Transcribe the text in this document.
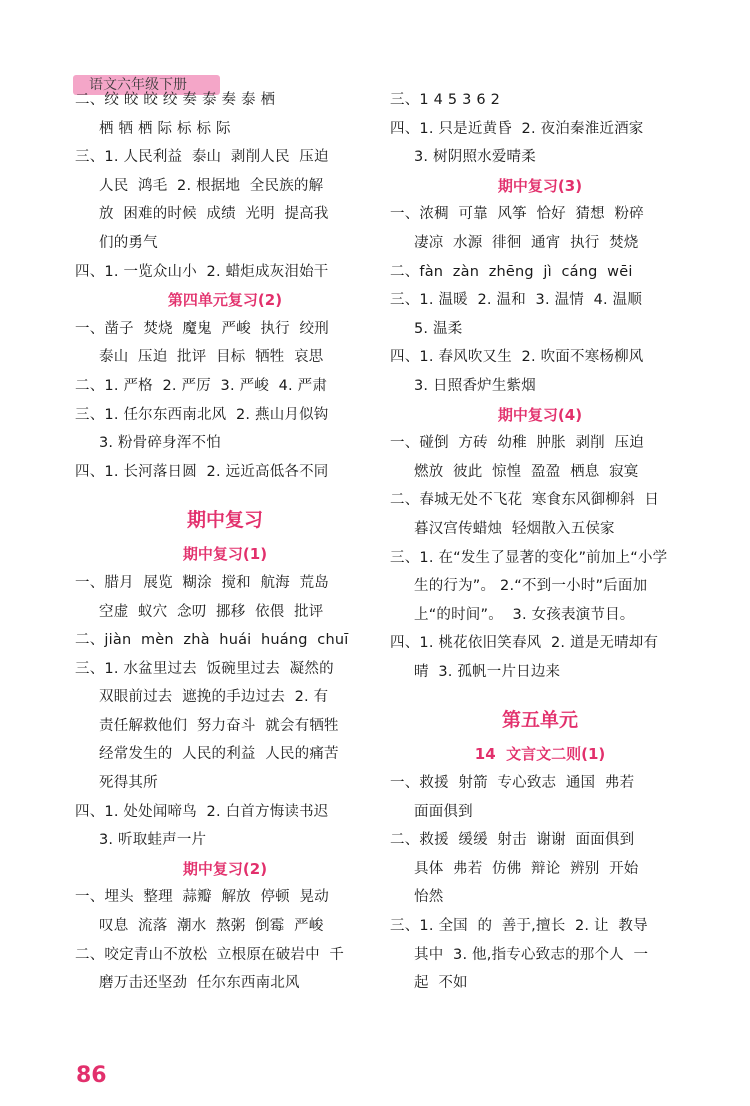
语文六年级下册
二、绞 皎 皎 绞 奏 泰 奏 泰 栖
栖 牺 栖 际 标 标 际
三、1. 人民利益  泰山  剥削人民  压迫
人民  鸿毛  2. 根据地  全民族的解
放  困难的时候  成绩  光明  提高我
们的勇气
四、1. 一览众山小  2. 蜡炬成灰泪始干
第四单元复习(2)
一、凿子  焚烧  魔鬼  严峻  执行  绞刑
泰山  压迫  批评  目标  牺牲  哀思
二、1. 严格  2. 严厉  3. 严峻  4. 严肃
三、1. 任尔东西南北风  2. 燕山月似钩
3. 粉骨碎身浑不怕
四、1. 长河落日圆  2. 远近高低各不同
期中复习
期中复习(1)
一、腊月  展览  糊涂  搅和  航海  荒岛
空虚  蚁穴  念叨  挪移  依偎  批评
二、jiàn  mèn  zhà  huái  huáng  chuī
三、1. 水盆里过去  饭碗里过去  凝然的
双眼前过去  遮挽的手边过去  2. 有
责任解救他们  努力奋斗  就会有牺牲
经常发生的  人民的利益  人民的痛苦
死得其所
四、1. 处处闻啼鸟  2. 白首方悔读书迟
3. 听取蛙声一片
期中复习(2)
一、埋头  整理  蒜瓣  解放  停顿  晃动
叹息  流落  潮水  熬粥  倒霉  严峻
二、咬定青山不放松  立根原在破岩中  千
磨万击还坚劲  任尔东西南北风
三、1 4 5 3 6 2
四、1. 只是近黄昏  2. 夜泊秦淮近酒家
3. 树阴照水爱晴柔
期中复习(3)
一、浓稠  可靠  风筝  恰好  猜想  粉碎
凄凉  水源  徘徊  通宵  执行  焚烧
二、fàn  zàn  zhēng  jì  cáng  wēi
三、1. 温暖  2. 温和  3. 温情  4. 温顺
5. 温柔
四、1. 春风吹又生  2. 吹面不寒杨柳风
3. 日照香炉生紫烟
期中复习(4)
一、碰倒  方砖  幼稚  肿胀  剥削  压迫
燃放  彼此  惊惶  盈盈  栖息  寂寞
二、春城无处不飞花  寒食东风御柳斜  日
暮汉宫传蜡烛  轻烟散入五侯家
三、1. 在“发生了显著的变化”前加上“小学
生的行为”。 2.“不到一小时”后面加
上“的时间”。  3. 女孩表演节目。
四、1. 桃花依旧笑春风  2. 道是无晴却有
晴  3. 孤帆一片日边来
第五单元
14  文言文二则(1)
一、救援  射箭  专心致志  通国  弗若
面面俱到
二、救援  缓缓  射击  谢谢  面面俱到
具体  弗若  仿佛  辩论  辨别  开始
怡然
三、1. 全国  的  善于,擅长  2. 让  教导
其中  3. 他,指专心致志的那个人  一
起  不如
86
